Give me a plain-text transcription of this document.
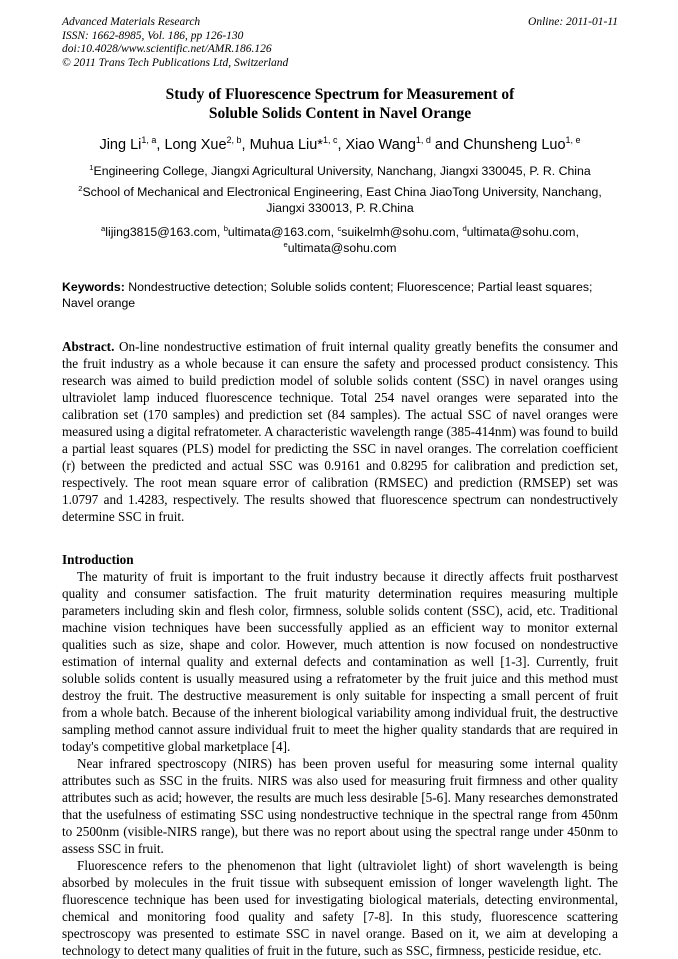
Advanced Materials Research
ISSN: 1662-8985, Vol. 186, pp 126-130
doi:10.4028/www.scientific.net/AMR.186.126
© 2011 Trans Tech Publications Ltd, Switzerland
Online: 2011-01-11
Study of Fluorescence Spectrum for Measurement of
Soluble Solids Content in Navel Orange

Jing Li$^{1, a}$, Long Xue$^{2, b}$, Muhua Liu*$^{1, c}$, Xiao Wang$^{1, d}$ and Chunsheng Luo$^{1, e}$

$^1$Engineering College, Jiangxi Agricultural University, Nanchang, Jiangxi 330045, P. R. China

$^2$School of Mechanical and Electronical Engineering, East China JiaoTong University, Nanchang, Jiangxi 330013, P. R.China

$^a$lijing3815@163.com, $^b$ultimata@163.com, $^c$suikelmh@sohu.com, $^d$ultimata@sohu.com,
$^e$ultimata@sohu.com

Keywords: Nondestructive detection; Soluble solids content; Fluorescence; Partial least squares; Navel orange

Abstract. On-line nondestructive estimation of fruit internal quality greatly benefits the consumer and the fruit industry as a whole because it can ensure the safety and processed product consistency. This research was aimed to build prediction model of soluble solids content (SSC) in navel oranges using ultraviolet lamp induced fluorescence technique. Total 254 navel oranges were separated into the calibration set (170 samples) and prediction set (84 samples). The actual SSC of navel oranges were measured using a digital refratometer. A characteristic wavelength range (385-414nm) was found to build a partial least squares (PLS) model for predicting the SSC in navel oranges. The correlation coefficient (r) between the predicted and actual SSC was 0.9161 and 0.8295 for calibration and prediction set, respectively. The root mean square error of calibration (RMSEC) and prediction (RMSEP) set was 1.0797 and 1.4283, respectively. The results showed that fluorescence spectrum can nondestructively determine SSC in fruit.

Introduction

The maturity of fruit is important to the fruit industry because it directly affects fruit postharvest quality and consumer satisfaction. The fruit maturity determination requires measuring multiple parameters including skin and flesh color, firmness, soluble solids content (SSC), acid, etc. Traditional machine vision techniques have been successfully applied as an efficient way to monitor external qualities such as size, shape and color. However, much attention is now focused on nondestructive estimation of internal quality and external defects and contamination as well [1-3]. Currently, fruit soluble solids content is usually measured using a refratometer by the fruit juice and this method must destroy the fruit. The destructive measurement is only suitable for inspecting a small percent of fruit from a whole batch. Because of the inherent biological variability among individual fruit, the destructive sampling method cannot assure individual fruit to meet the higher quality standards that are required in today's competitive global marketplace [4].

Near infrared spectroscopy (NIRS) has been proven useful for measuring some internal quality attributes such as SSC in the fruits. NIRS was also used for measuring fruit firmness and other quality attributes such as acid; however, the results are much less desirable [5-6]. Many researches demonstrated that the usefulness of estimating SSC using nondestructive technique in the spectral range from 450nm to 2500nm (visible-NIRS range), but there was no report about using the spectral range under 450nm to assess SSC in fruit.

Fluorescence refers to the phenomenon that light (ultraviolet light) of short wavelength is being absorbed by molecules in the fruit tissue with subsequent emission of longer wavelength light. The fluorescence technique has been used for investigating biological materials, detecting environmental, chemical and monitoring food quality and safety [7-8]. In this study, fluorescence scattering spectroscopy was presented to estimate SSC in navel orange. Based on it, we aim at developing a technology to detect many qualities of fruit in the future, such as SSC, firmness, pesticide residue, etc.
